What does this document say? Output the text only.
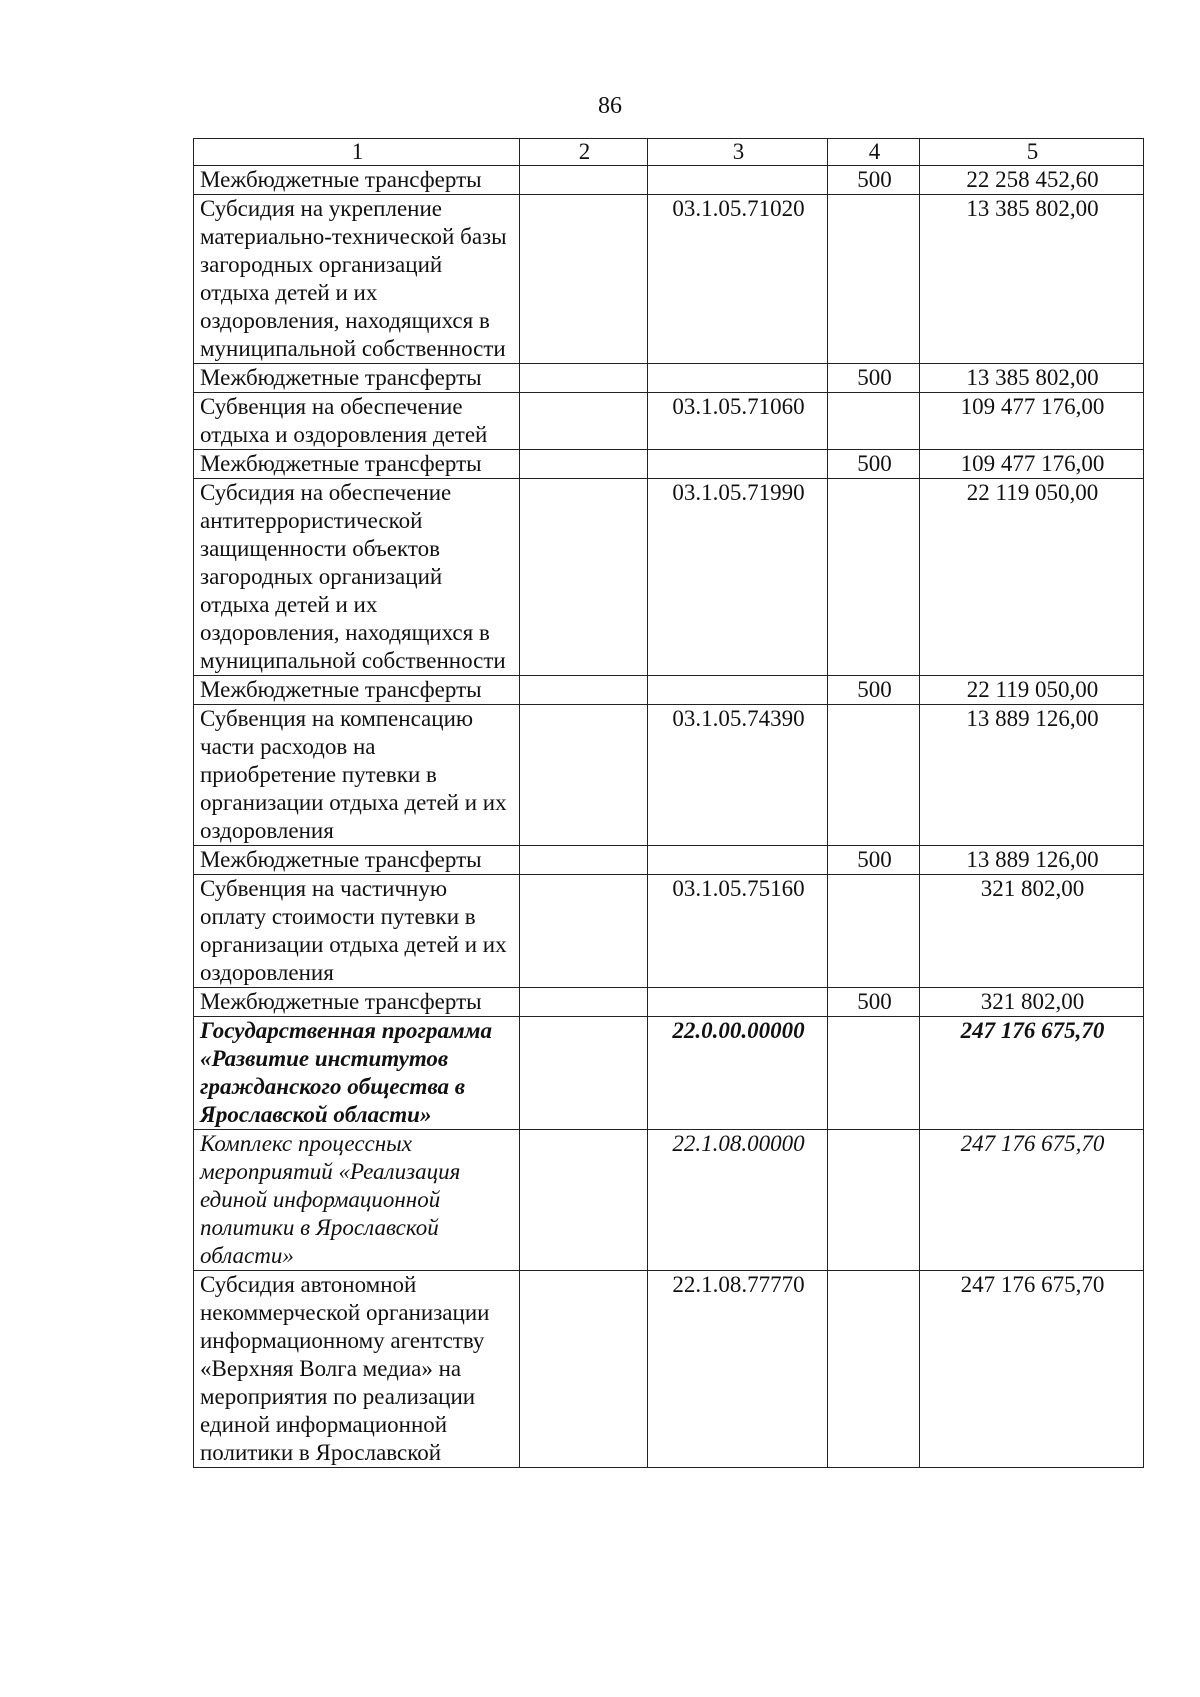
86
1	2	3	4	5
Межбюджетные трансферты			500	22 258 452,60
Субсидия на укрепление материально-технической базы загородных организаций отдыха детей и их оздоровления, находящихся в муниципальной собственности		03.1.05.71020		13 385 802,00
Межбюджетные трансферты			500	13 385 802,00
Субвенция на обеспечение отдыха и оздоровления детей		03.1.05.71060		109 477 176,00
Межбюджетные трансферты			500	109 477 176,00
Субсидия на обеспечение антитеррористической защищенности объектов загородных организаций отдыха детей и их оздоровления, находящихся в муниципальной собственности		03.1.05.71990		22 119 050,00
Межбюджетные трансферты			500	22 119 050,00
Субвенция на компенсацию части расходов на приобретение путевки в организации отдыха детей и их оздоровления		03.1.05.74390		13 889 126,00
Межбюджетные трансферты			500	13 889 126,00
Субвенция на частичную оплату стоимости путевки в организации отдыха детей и их оздоровления		03.1.05.75160		321 802,00
Межбюджетные трансферты			500	321 802,00
Государственная программа «Развитие институтов гражданского общества в Ярославской области»		22.0.00.00000		247 176 675,70
Комплекс процессных мероприятий «Реализация единой информационной политики в Ярославской области»		22.1.08.00000		247 176 675,70
Субсидия автономной некоммерческой организации информационному агентству «Верхняя Волга медиа» на мероприятия по реализации единой информационной политики в Ярославской		22.1.08.77770		247 176 675,70
